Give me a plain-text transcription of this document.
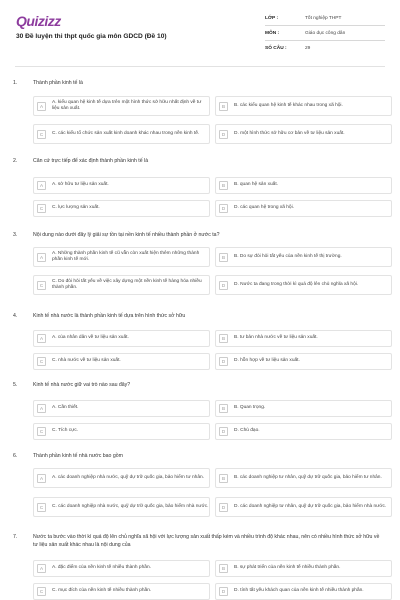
Quizizz
30 Đề luyện thi thpt quốc gia môn GDCD (Đề 10)
LỚP :	Tốt nghiệp THPT
MÔN :	Giáo dục công dân
SỐ CÂU :	29
1.	Thành phần kinh tế là
A
A. kiểu quan hệ kinh tế dựa trên một hình thức sở hữu nhất định về tư liệu sản xuất.	B	B. các kiểu quan hệ kinh tế khác nhau trong xã hội.
C	C. các kiểu tổ chức sản xuất kinh doanh khác nhau trong nền kinh tế.	D	D. một hình thức sở hữu cơ bản về tư liệu sản xuất.
2.	Căn cứ trực tiếp để xác định thành phần kinh tế là
A	A. sở hữu tư liệu sản xuất.	B	B. quan hệ sản xuất.
C	C. lực lượng sản xuất.	D	D. các quan hệ trong xã hội.
3.	Nội dung nào dưới đây lý giải sự tồn tại nền kinh tế nhiều thành phần ở nước ta?
A
A. Những thành phần kinh tế cũ vẫn còn xuất hiện thêm những thành phần kinh tế mới.	B	B. Do sự đòi hỏi tất yếu của nền kinh tế thị trường.
C
C. Do đòi hỏi tất yếu về việc xây dựng một nền kinh tế hàng hóa nhiều thành phần.	D	D. Nước ta đang trong thời kì quá độ lên chủ nghĩa xã hội.
4.	Kinh tế nhà nước là thành phần kinh tế dựa trên hình thức sở hữu
A	A. của nhân dân về tư liệu sản xuất.	B	B. tư bản nhà nước về tư liệu sản xuất.
C	C. nhà nước về tư liệu sản xuất.	D	D. hỗn hợp về tư liệu sản xuất.
5.	Kinh tế nhà nước giữ vai trò nào sau đây?
A	A. Cần thiết.	B	B. Quan trọng.
C	C. Tích cực.	D	D. Chủ đạo.
6.	Thành phần kinh tế nhà nước bao gồm
A	A. các doanh nghiệp nhà nước, quỹ dự trữ quốc gia, bảo hiểm tư nhân.	B	B. các doanh nghiệp tư nhân, quỹ dự trữ quốc gia, bảo hiểm tư nhân.
C	C. các doanh nghiệp nhà nước, quỹ dự trữ quốc gia, bảo hiểm nhà nước.	D	D. các doanh nghiệp tư nhân, quỹ dự trữ quốc gia, bảo hiểm nhà nước.
7.	Nước ta bước vào thời kì quá độ lên chủ nghĩa xã hội với lực lượng sản xuất thấp kém và nhiều trình độ khác nhau, nên có nhiều hình thức sở hữu về tư liệu sản xuất khác nhau là nội dung của
A	A. đặc điểm của nền kinh tế nhiều thành phần.	B	B. sự phát triển của nền kinh tế nhiều thành phần.
C	C. mục đích của nền kinh tế nhiều thành phần.	D	D. tính tất yếu khách quan của nền kinh tế nhiều thành phần.
